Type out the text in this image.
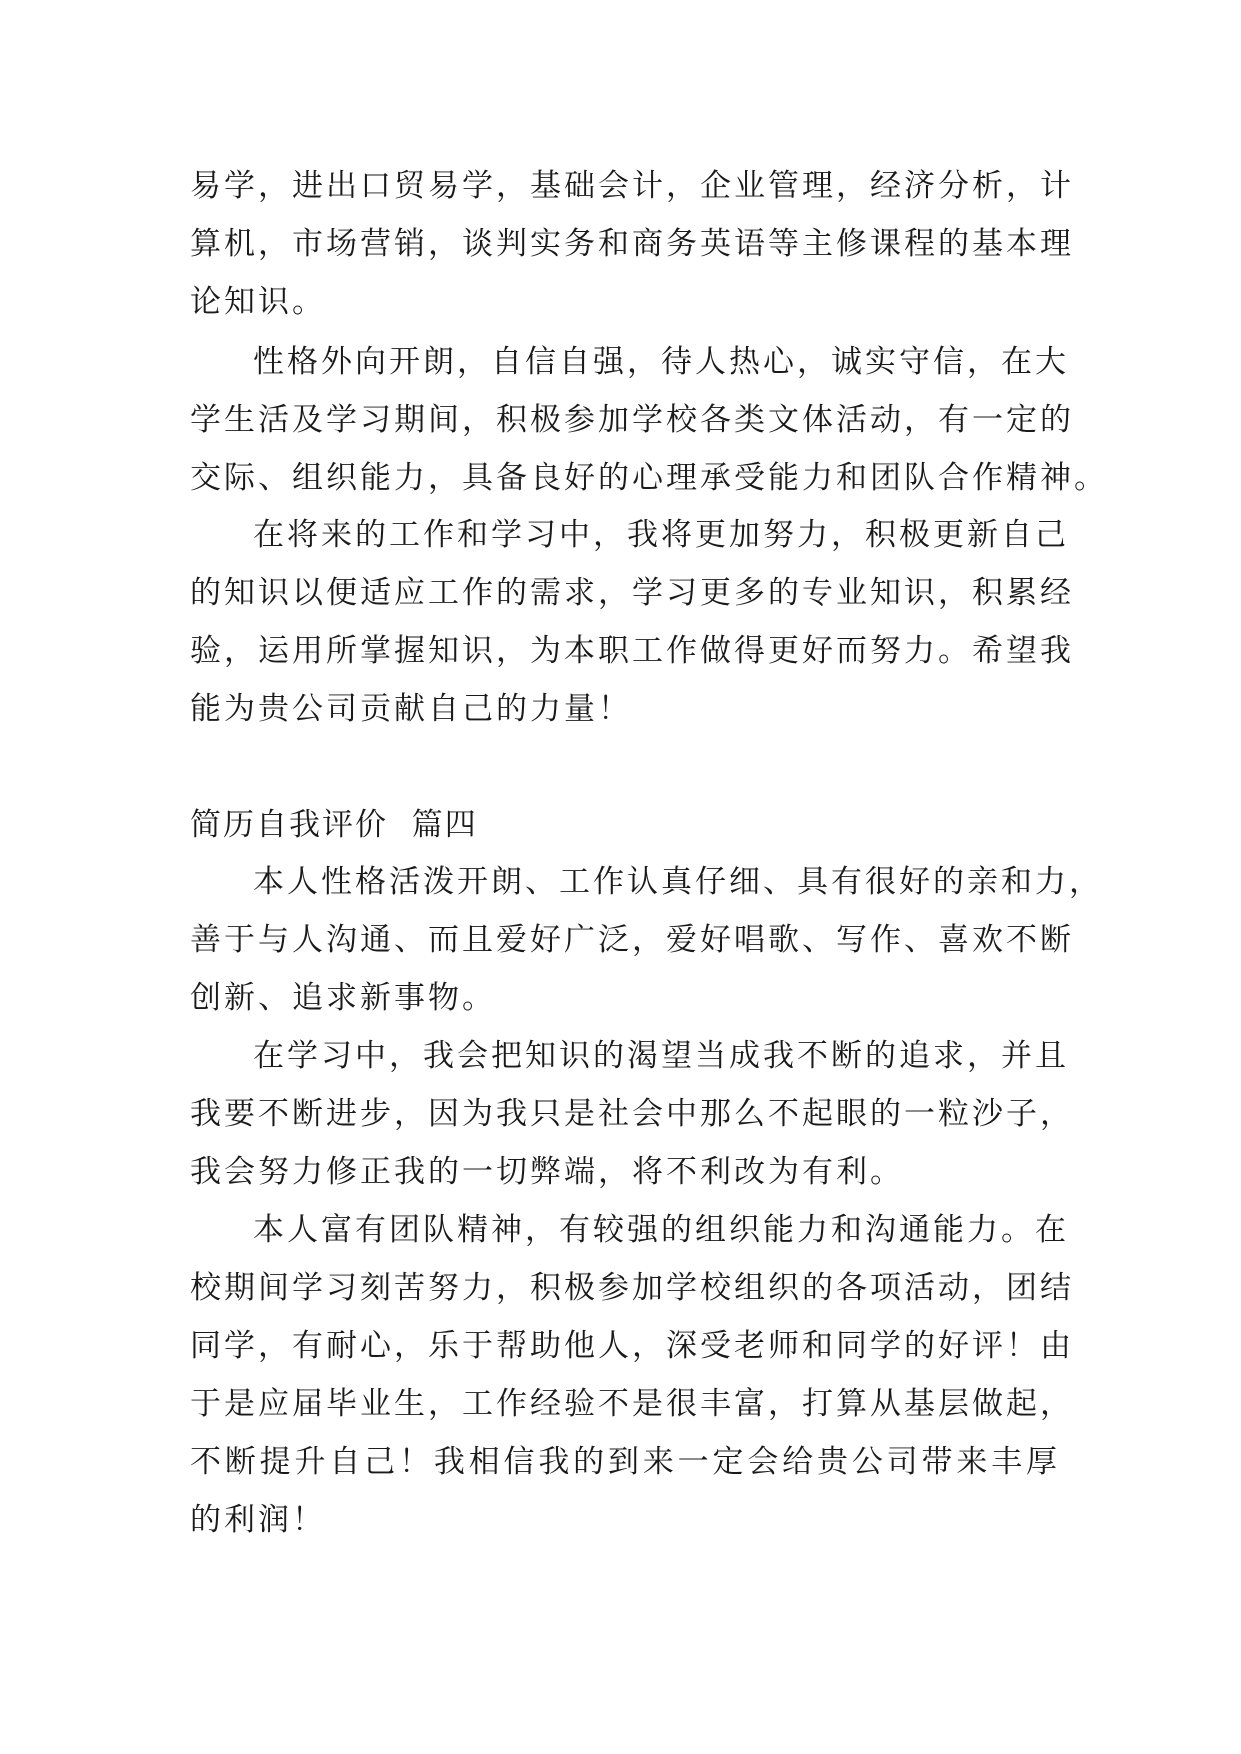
易学，进出口贸易学，基础会计，企业管理，经济分析，计
算机，市场营销，谈判实务和商务英语等主修课程的基本理
论知识。
性格外向开朗，自信自强，待人热心，诚实守信，在大
学生活及学习期间，积极参加学校各类文体活动，有一定的
交际、组织能力，具备良好的心理承受能力和团队合作精神。
在将来的工作和学习中，我将更加努力，积极更新自己
的知识以便适应工作的需求，学习更多的专业知识，积累经
验，运用所掌握知识，为本职工作做得更好而努力。希望我
能为贵公司贡献自己的力量！
简历自我评价  篇四
本人性格活泼开朗、工作认真仔细、具有很好的亲和力，
善于与人沟通、而且爱好广泛，爱好唱歌、写作、喜欢不断
创新、追求新事物。
在学习中，我会把知识的渴望当成我不断的追求，并且
我要不断进步，因为我只是社会中那么不起眼的一粒沙子，
我会努力修正我的一切弊端，将不利改为有利。
本人富有团队精神，有较强的组织能力和沟通能力。在
校期间学习刻苦努力，积极参加学校组织的各项活动，团结
同学，有耐心，乐于帮助他人，深受老师和同学的好评！由
于是应届毕业生，工作经验不是很丰富，打算从基层做起，
不断提升自己！我相信我的到来一定会给贵公司带来丰厚
的利润！
